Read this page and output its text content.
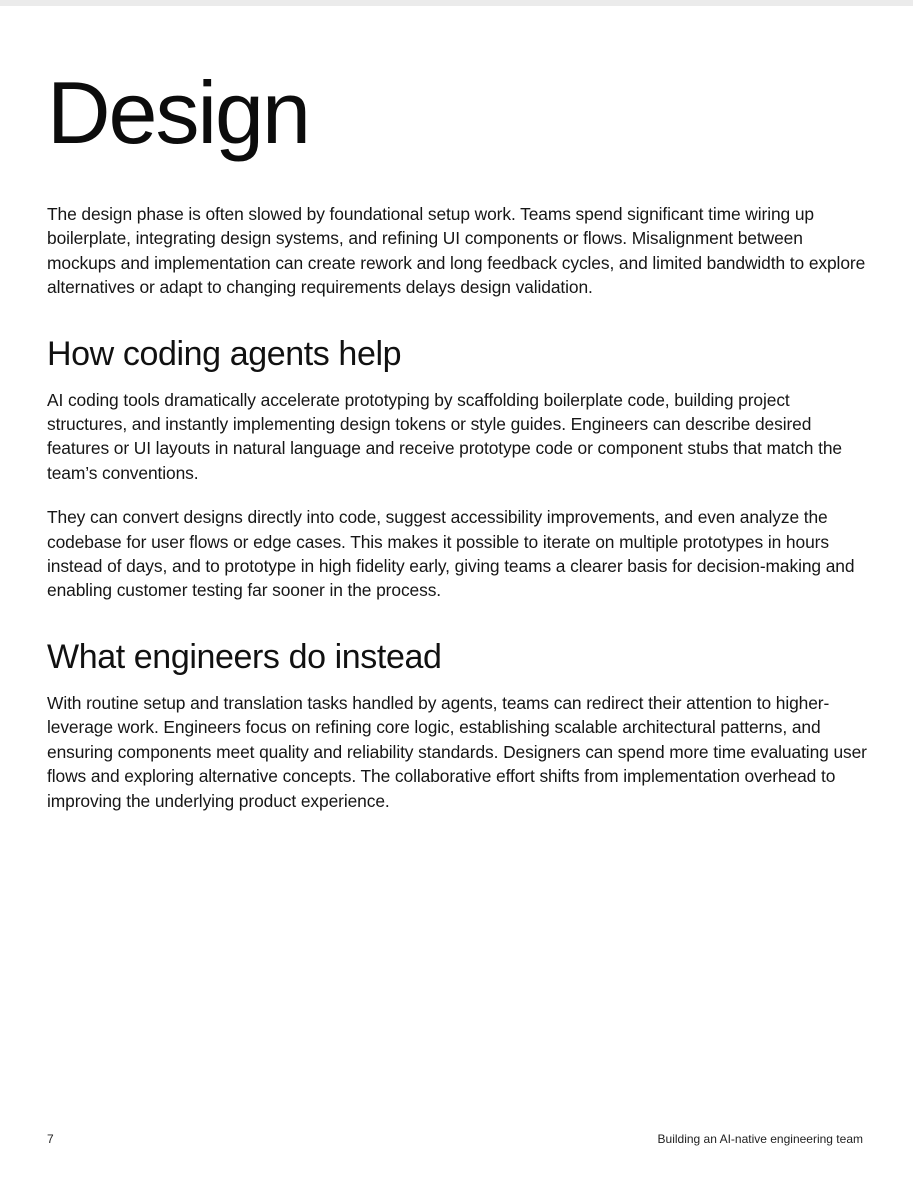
Design

The design phase is often slowed by foundational setup work. Teams spend significant time wiring up boilerplate, integrating design systems, and refining UI components or flows. Misalignment between mockups and implementation can create rework and long feedback cycles, and limited bandwidth to explore alternatives or adapt to changing requirements delays design validation.

How coding agents help

AI coding tools dramatically accelerate prototyping by scaffolding boilerplate code, building project structures, and instantly implementing design tokens or style guides. Engineers can describe desired features or UI layouts in natural language and receive prototype code or component stubs that match the team’s conventions.

They can convert designs directly into code, suggest accessibility improvements, and even analyze the codebase for user flows or edge cases. This makes it possible to iterate on multiple prototypes in hours instead of days, and to prototype in high fidelity early, giving teams a clearer basis for decision-making and enabling customer testing far sooner in the process.

What engineers do instead

With routine setup and translation tasks handled by agents, teams can redirect their attention to higher-leverage work. Engineers focus on refining core logic, establishing scalable architectural patterns, and ensuring components meet quality and reliability standards. Designers can spend more time evaluating user flows and exploring alternative concepts. The collaborative effort shifts from implementation overhead to improving the underlying product experience.

7	Building an AI-native engineering team
